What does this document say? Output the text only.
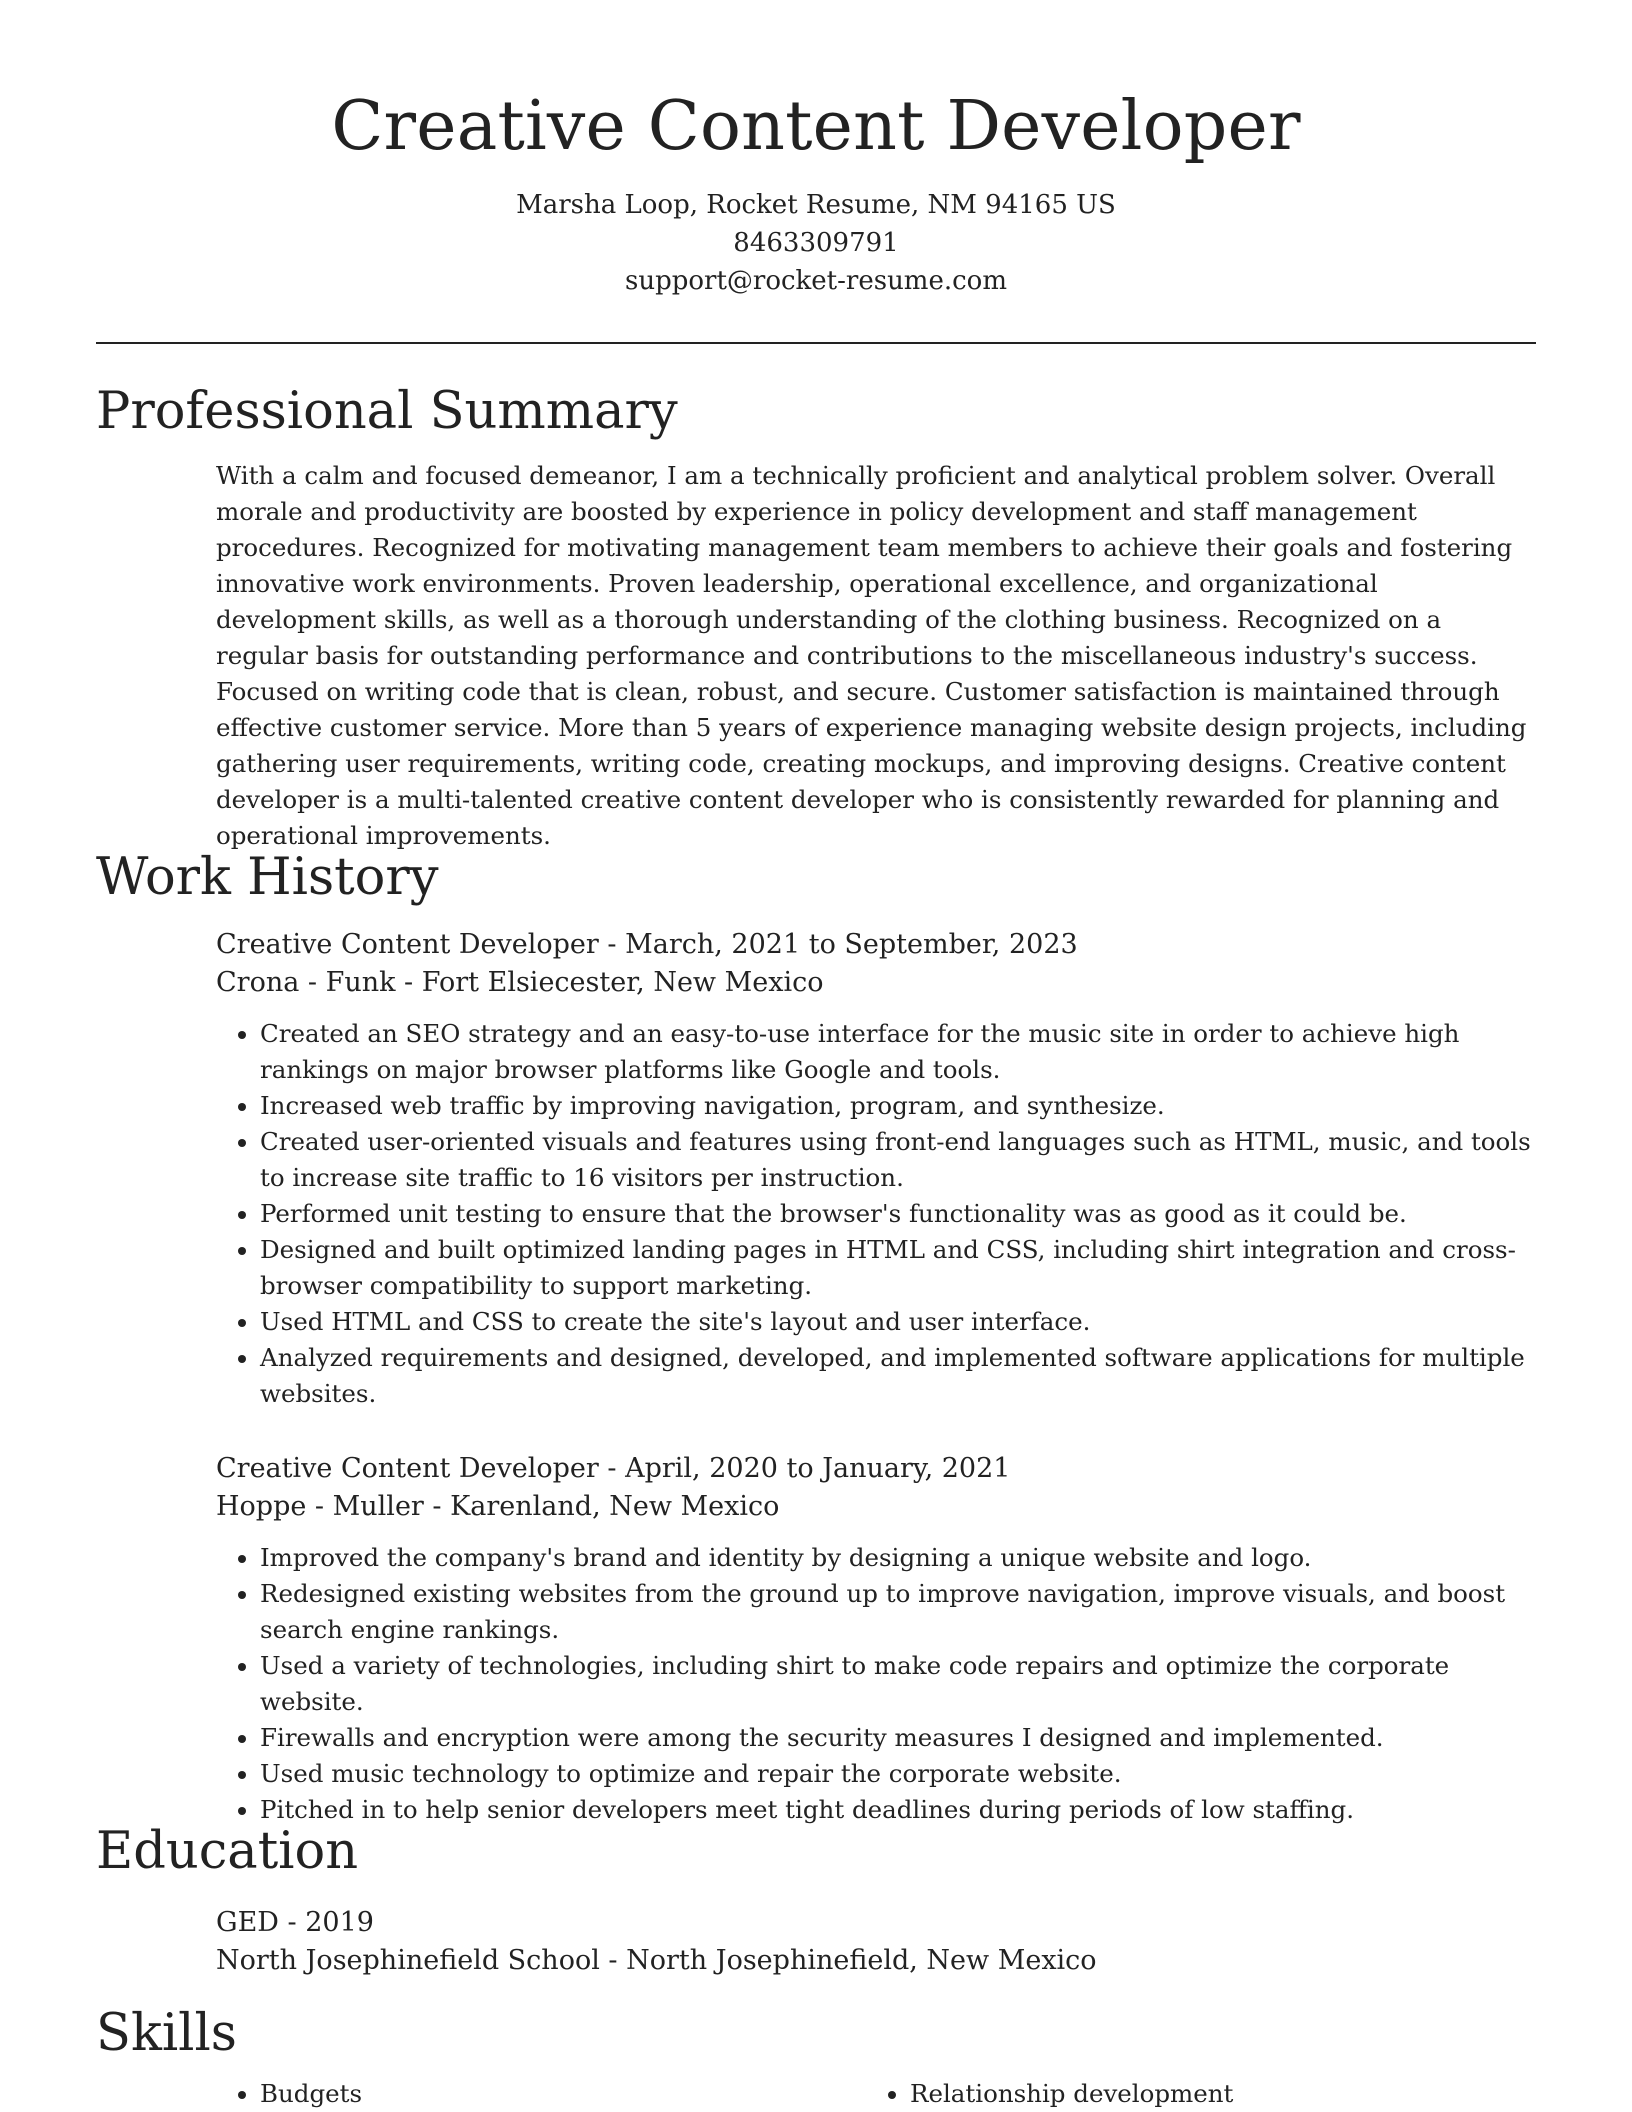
Creative Content Developer
Marsha Loop, Rocket Resume, NM 94165 US
8463309791
support@rocket-resume.com
Professional Summary

With a calm and focused demeanor, I am a technically proficient and analytical problem solver. Overall morale and productivity are boosted by experience in policy development and staff management procedures. Recognized for motivating management team members to achieve their goals and fostering innovative work environments. Proven leadership, operational excellence, and organizational development skills, as well as a thorough understanding of the clothing business. Recognized on a regular basis for outstanding performance and contributions to the miscellaneous industry's success. Focused on writing code that is clean, robust, and secure. Customer satisfaction is maintained through effective customer service. More than 5 years of experience managing website design projects, including gathering user requirements, writing code, creating mockups, and improving designs. Creative content developer is a multi-talented creative content developer who is consistently rewarded for planning and operational improvements.

Work History
Creative Content Developer - March, 2021 to September, 2023
Crona - Funk - Fort Elsiecester, New Mexico
• Created an SEO strategy and an easy-to-use interface for the music site in order to achieve high rankings on major browser platforms like Google and tools.
• Increased web traffic by improving navigation, program, and synthesize.
• Created user-oriented visuals and features using front-end languages such as HTML, music, and tools to increase site traffic to 16 visitors per instruction.
• Performed unit testing to ensure that the browser's functionality was as good as it could be.
• Designed and built optimized landing pages in HTML and CSS, including shirt integration and cross-browser compatibility to support marketing.
• Used HTML and CSS to create the site's layout and user interface.
• Analyzed requirements and designed, developed, and implemented software applications for multiple websites.
Creative Content Developer - April, 2020 to January, 2021
Hoppe - Muller - Karenland, New Mexico
• Improved the company's brand and identity by designing a unique website and logo.
• Redesigned existing websites from the ground up to improve navigation, improve visuals, and boost search engine rankings.
• Used a variety of technologies, including shirt to make code repairs and optimize the corporate website.
• Firewalls and encryption were among the security measures I designed and implemented.
• Used music technology to optimize and repair the corporate website.
• Pitched in to help senior developers meet tight deadlines during periods of low staffing.
Education
GED - 2019
North Josephinefield School - North Josephinefield, New Mexico
Skills
• Budgets
•	Relationship development
